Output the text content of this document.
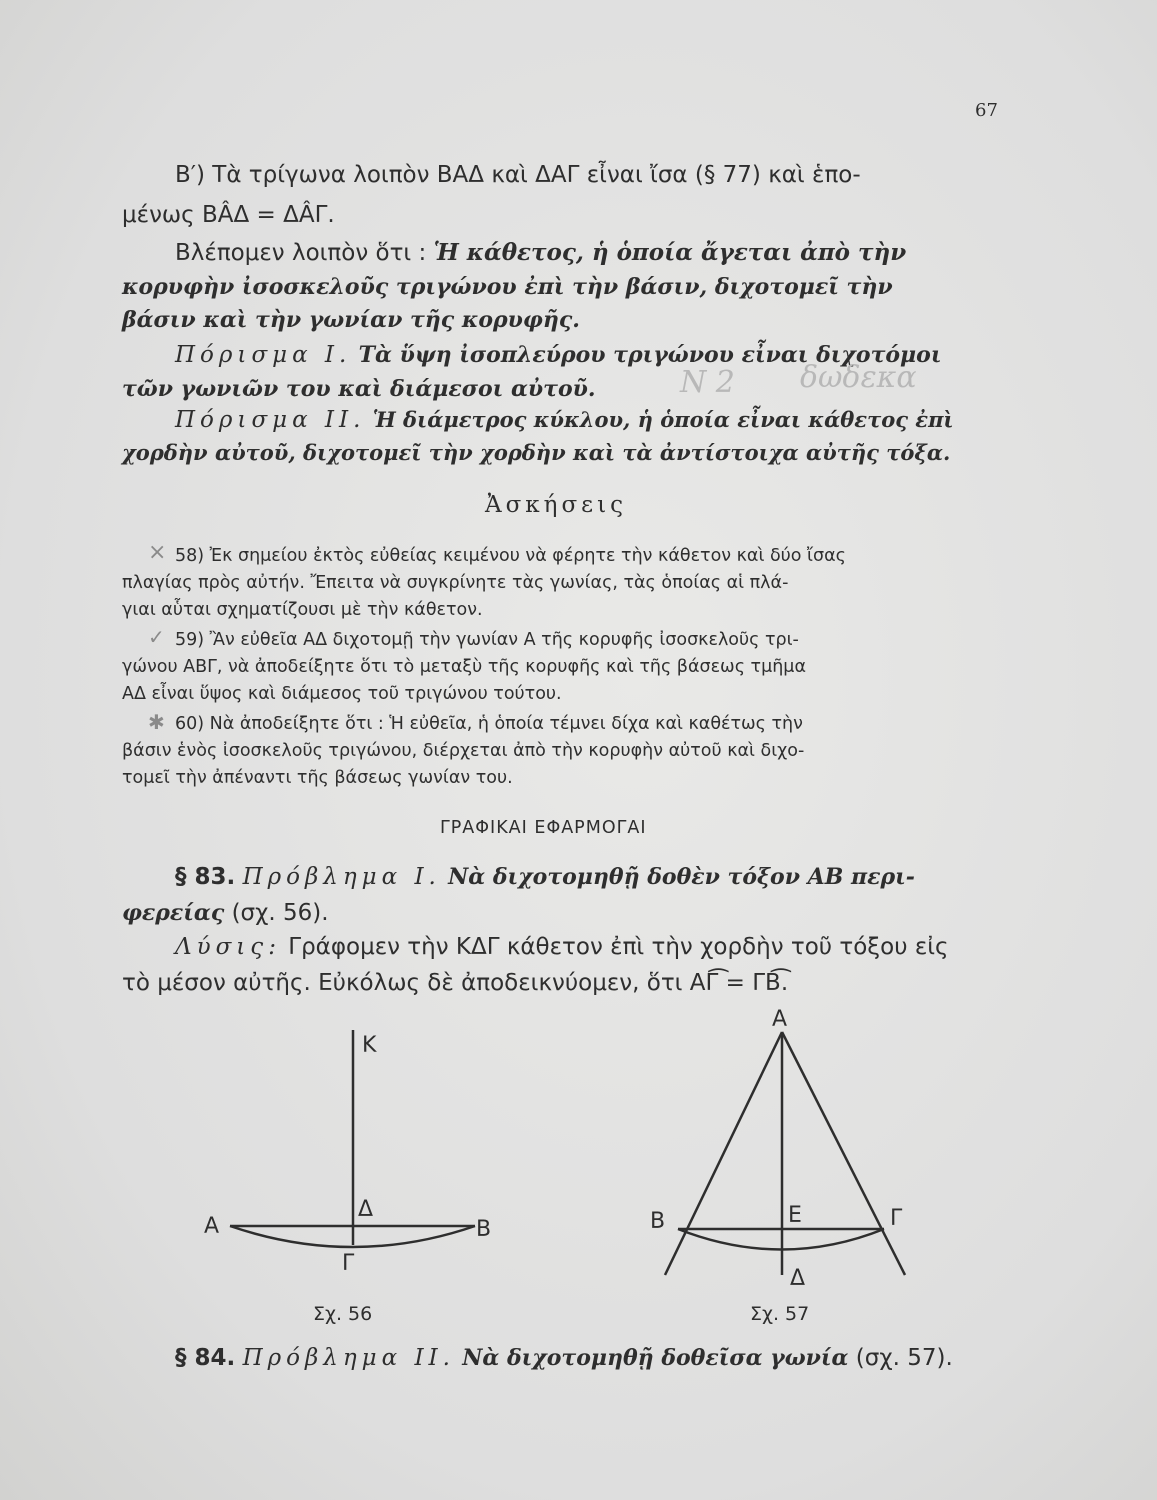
67
B′) Τὰ τρίγωνα λοιπὸν BAΔ καὶ ΔΑΓ εἶναι ἴσα (§ 77) καὶ ἑπο-
μένως BÂΔ = ΔÂΓ.
Βλέπομεν λοιπὸν ὅτι : Ἡ κάθετος, ἡ ὁποία ἄγεται ἀπὸ τὴν
κορυφὴν ἰσοσκελοῦς τριγώνου ἐπὶ τὴν βάσιν, διχοτομεῖ τὴν
βάσιν καὶ τὴν γωνίαν τῆς κορυφῆς.
Πόρισμα Ι. Τὰ ὕψη ἰσοπλεύρου τριγώνου εἶναι διχοτόμοι
τῶν γωνιῶν του καὶ διάμεσοι αὐτοῦ.
Πόρισμα ΙΙ. Ἡ διάμετρος κύκλου, ἡ ὁποία εἶναι κάθετος ἐπὶ
χορδὴν αὐτοῦ, διχοτομεῖ τὴν χορδὴν καὶ τὰ ἀντίστοιχα αὐτῆς τόξα.
Ν 2 δωδεκα
Ἀσκήσεις
× 58) Ἐκ σημείου ἐκτὸς εὐθείας κειμένου νὰ φέρητε τὴν κάθετον καὶ δύο ἴσας
πλαγίας πρὸς αὐτήν. Ἔπειτα νὰ συγκρίνητε τὰς γωνίας, τὰς ὁποίας αἱ πλά-
γιαι αὗται σχηματίζουσι μὲ τὴν κάθετον.
✓ 59) Ἂν εὐθεῖα ΑΔ διχοτομῇ τὴν γωνίαν Α τῆς κορυφῆς ἰσοσκελοῦς τρι-
γώνου ΑΒΓ, νὰ ἀποδείξητε ὅτι τὸ μεταξὺ τῆς κορυφῆς καὶ τῆς βάσεως τμῆμα
ΑΔ εἶναι ὕψος καὶ διάμεσος τοῦ τριγώνου τούτου.
✱ 60) Νὰ ἀποδείξητε ὅτι : Ἡ εὐθεῖα, ἡ ὁποία τέμνει δίχα καὶ καθέτως τὴν
βάσιν ἑνὸς ἰσοσκελοῦς τριγώνου, διέρχεται ἀπὸ τὴν κορυφὴν αὐτοῦ καὶ διχο-
τομεῖ τὴν ἀπέναντι τῆς βάσεως γωνίαν του.
ΓΡΑΦΙΚΑΙ ΕΦΑΡΜΟΓΑΙ
§ 83. Πρόβλημα Ι. Νὰ διχοτομηθῇ δοθὲν τόξον ΑΒ περι-
φερείας (σχ. 56).
Λύσις: Γράφομεν τὴν ΚΔΓ κάθετον ἐπὶ τὴν χορδὴν τοῦ τόξου εἰς
τὸ μέσον αὐτῆς. Εὐκόλως δὲ ἀποδεικνύομεν, ὅτι ΑΓ͡ = ΓΒ͡.
Κ
Α	Β
Δ
Γ
Σχ. 56
Α
Β	Γ
Ε
Δ
Σχ. 57
§ 84. Πρόβλημα ΙΙ. Νὰ διχοτομηθῇ δοθεῖσα γωνία (σχ. 57).
